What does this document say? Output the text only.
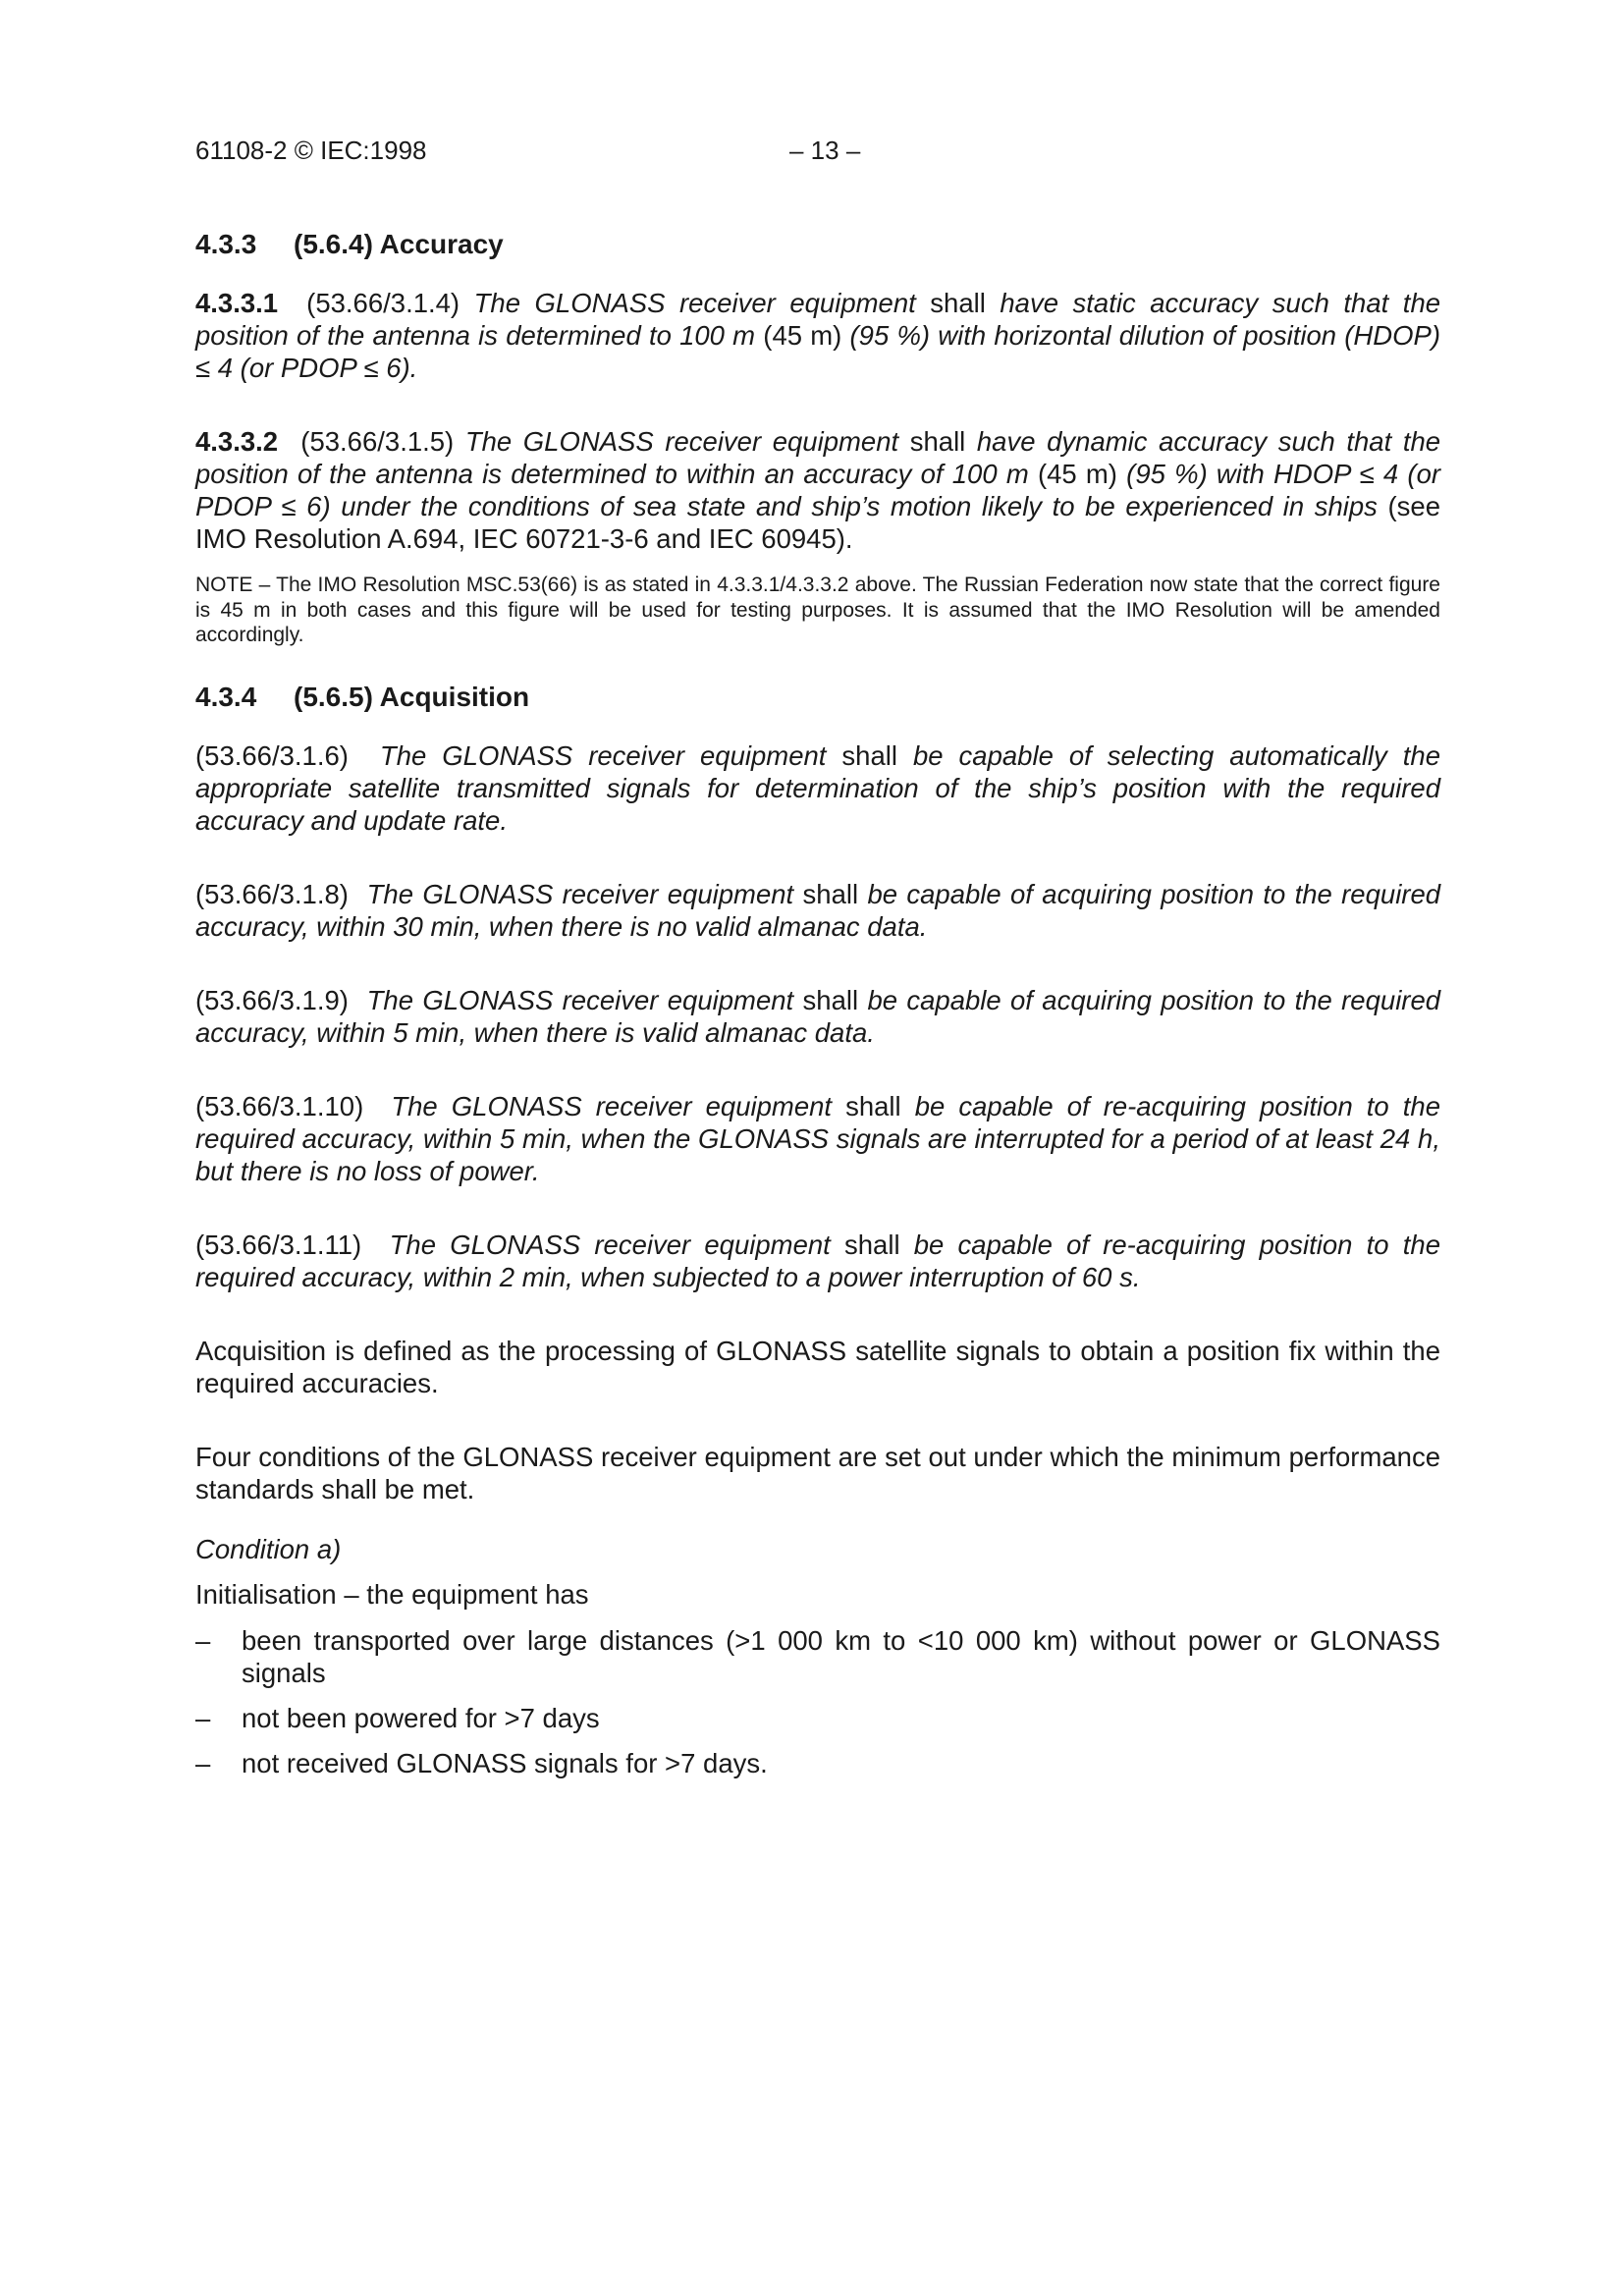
61108-2 © IEC:1998	– 13 –
4.3.3 (5.6.4) Accuracy

4.3.3.1 (53.66/3.1.4) The GLONASS receiver equipment shall have static accuracy such that the position of the antenna is determined to 100 m (45 m) (95 %) with horizontal dilution of position (HDOP) ≤ 4 (or PDOP ≤ 6).

4.3.3.2 (53.66/3.1.5) The GLONASS receiver equipment shall have dynamic accuracy such that the position of the antenna is determined to within an accuracy of 100 m (45 m) (95 %) with HDOP ≤ 4 (or PDOP ≤ 6) under the conditions of sea state and ship’s motion likely to be experienced in ships (see IMO Resolution A.694, IEC 60721-3-6 and IEC 60945).

NOTE – The IMO Resolution MSC.53(66) is as stated in 4.3.3.1/4.3.3.2 above. The Russian Federation now state that the correct figure is 45 m in both cases and this figure will be used for testing purposes. It is assumed that the IMO Resolution will be amended accordingly.

4.3.4 (5.6.5) Acquisition

(53.66/3.1.6) The GLONASS receiver equipment shall be capable of selecting automatically the appropriate satellite transmitted signals for determination of the ship’s position with the required accuracy and update rate.

(53.66/3.1.8) The GLONASS receiver equipment shall be capable of acquiring position to the required accuracy, within 30 min, when there is no valid almanac data.

(53.66/3.1.9) The GLONASS receiver equipment shall be capable of acquiring position to the required accuracy, within 5 min, when there is valid almanac data.

(53.66/3.1.10) The GLONASS receiver equipment shall be capable of re-acquiring position to the required accuracy, within 5 min, when the GLONASS signals are interrupted for a period of at least 24 h, but there is no loss of power.

(53.66/3.1.11) The GLONASS receiver equipment shall be capable of re-acquiring position to the required accuracy, within 2 min, when subjected to a power interruption of 60 s.

Acquisition is defined as the processing of GLONASS satellite signals to obtain a position fix within the required accuracies.

Four conditions of the GLONASS receiver equipment are set out under which the minimum performance standards shall be met.

Condition a)

Initialisation – the equipment has

– been transported over large distances (>1 000 km to <10 000 km) without power or GLONASS signals
– not been powered for >7 days
– not received GLONASS signals for >7 days.
